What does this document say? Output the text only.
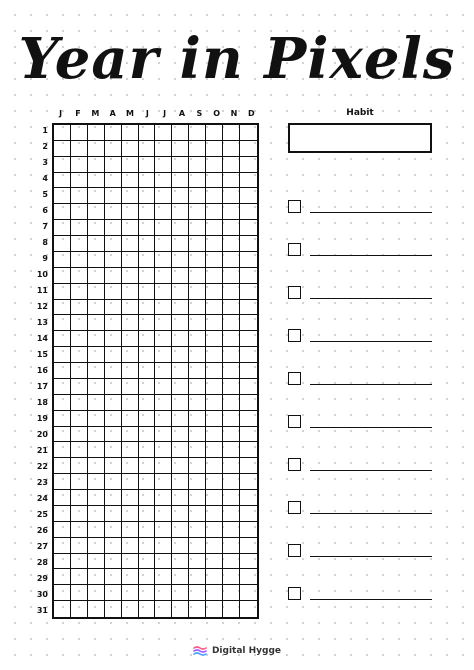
Year in Pixels
J	F	M	A	M	J	J	A	S	O	N	D
1
2
3
4
5
6
7
8
9
10
11
12
13
14
15
16
17
18
19
20
21
22
23
24
25
26
27
28
29
30
31
Habit
Digital Hygge
